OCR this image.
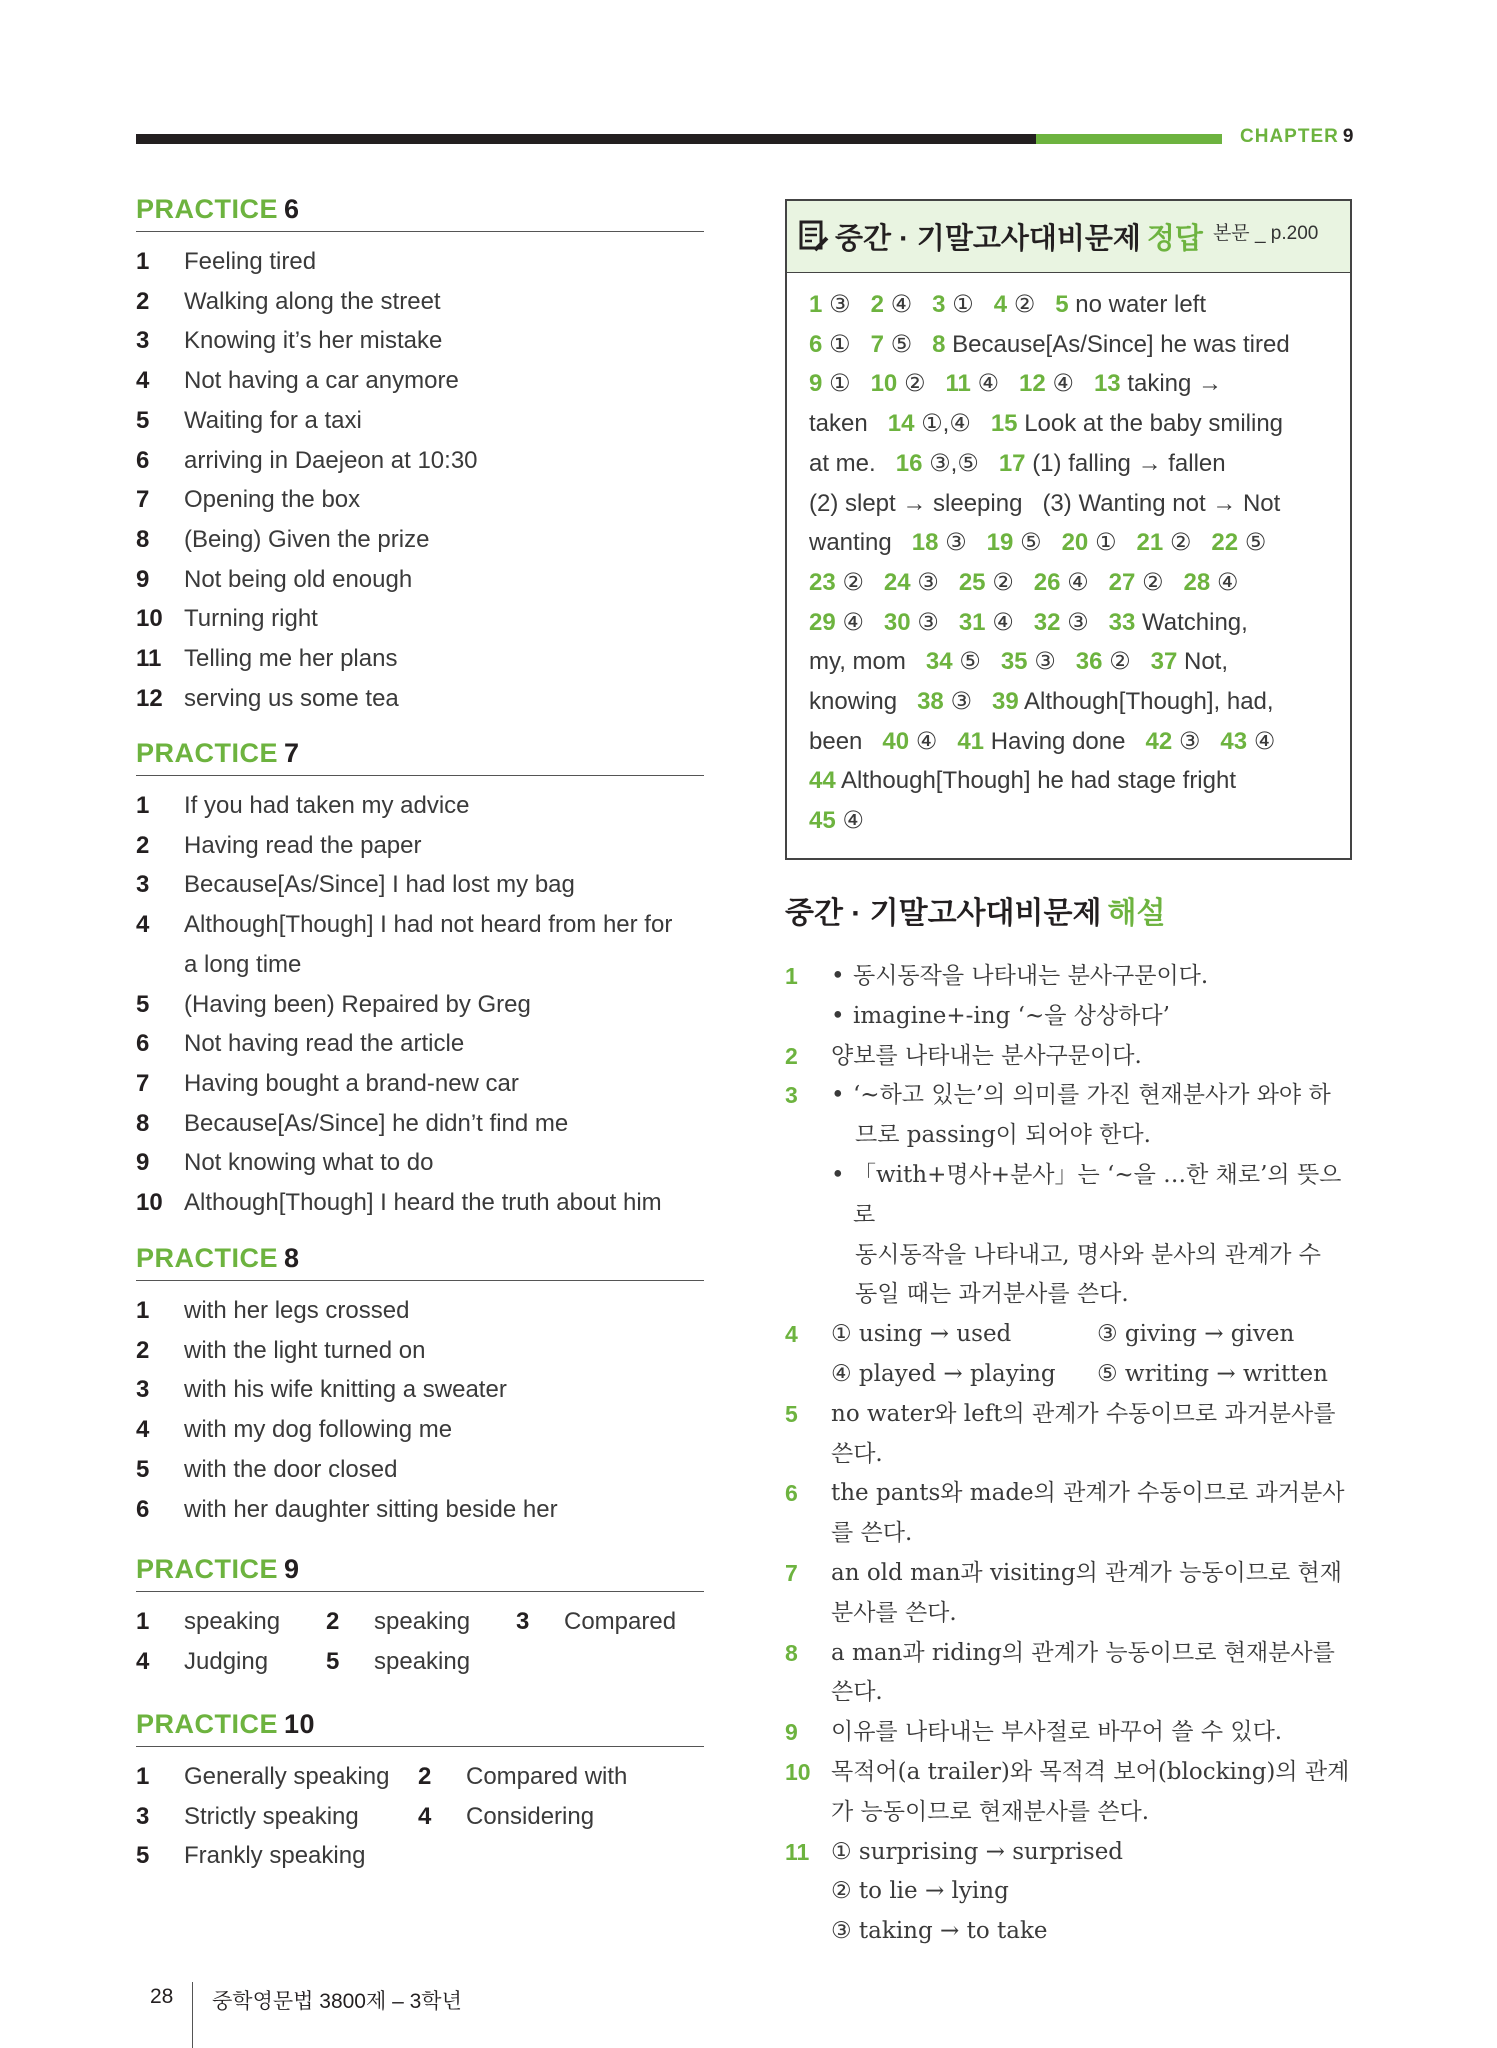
CHAPTER 9
PRACTICE 6
1	Feeling tired
2	Walking along the street
3	Knowing it’s her mistake
4	Not having a car anymore
5	Waiting for a taxi
6	arriving in Daejeon at 10:30
7	Opening the box
8	(Being) Given the prize
9	Not being old enough
10 Turning right
11 Telling me her plans
12 serving us some tea
PRACTICE 7
1	If you had taken my advice
2	Having read the paper
3	Because[As/Since] I had lost my bag
4	Although[Though] I had not heard from her for
a long time
5	(Having been) Repaired by Greg
6	Not having read the article
7	Having bought a brand-new car
8	Because[As/Since] he didn’t find me
9	Not knowing what to do
10 Although[Though] I heard the truth about him
PRACTICE 8
1	with her legs crossed
2	with the light turned on
3	with his wife knitting a sweater
4	with my dog following me
5	with the door closed
6	with her daughter sitting beside her
PRACTICE 9
1	speaking 2	speaking 3	Compared
4	Judging 5	speaking
PRACTICE 10
1	Generally speaking 2	Compared with
3	Strictly speaking 4	Considering
5	Frankly speaking
중간 · 기말고사대비문제 정답 본문 _ p.200
1 ③ 2 ④ 3 ① 4 ② 5 no water left
6 ① 7 ⑤ 8 Because[As/Since] he was tired
9 ① 10 ② 11 ④ 12 ④ 13 taking →
taken 14 ①,④ 15 Look at the baby smiling
at me. 16 ③,⑤ 17 (1) falling → fallen
(2) slept → sleeping   (3) Wanting not → Not
wanting 18 ③ 19 ⑤ 20 ① 21 ② 22 ⑤
23 ② 24 ③ 25 ② 26 ④ 27 ② 28 ④
29 ④ 30 ③ 31 ④ 32 ③ 33 Watching,
my, mom 34 ⑤ 35 ③ 36 ② 37 Not,
knowing 38 ③ 39 Although[Though], had,
been 40 ④ 41 Having done 42 ③ 43 ④
44 Although[Though] he had stage fright
45 ④
중간 · 기말고사대비문제 해설
1	• 동시동작을 나타내는 분사구문이다.
• imagine+-ing ‘~을 상상하다’
2	양보를 나타내는 분사구문이다.
3	• ‘~하고 있는’의 의미를 가진 현재분사가 와야 하
므로 passing이 되어야 한다.
• 「with+명사+분사」는 ‘~을 …한 채로’의 뜻으로
동시동작을 나타내고, 명사와 분사의 관계가 수
동일 때는 과거분사를 쓴다.
4	① using → used	③ giving → given
④ played → playing	⑤ writing → written
5	no water와 left의 관계가 수동이므로 과거분사를
쓴다.
6	the pants와 made의 관계가 수동이므로 과거분사
를 쓴다.
7	an old man과 visiting의 관계가 능동이므로 현재
분사를 쓴다.
8	a man과 riding의 관계가 능동이므로 현재분사를
쓴다.
9	이유를 나타내는 부사절로 바꾸어 쓸 수 있다.
10 목적어(a trailer)와 목적격 보어(blocking)의 관계
가 능동이므로 현재분사를 쓴다.
11 ① surprising → surprised
② to lie → lying
③ taking → to take
28 중학영문법 3800제 – 3학년
